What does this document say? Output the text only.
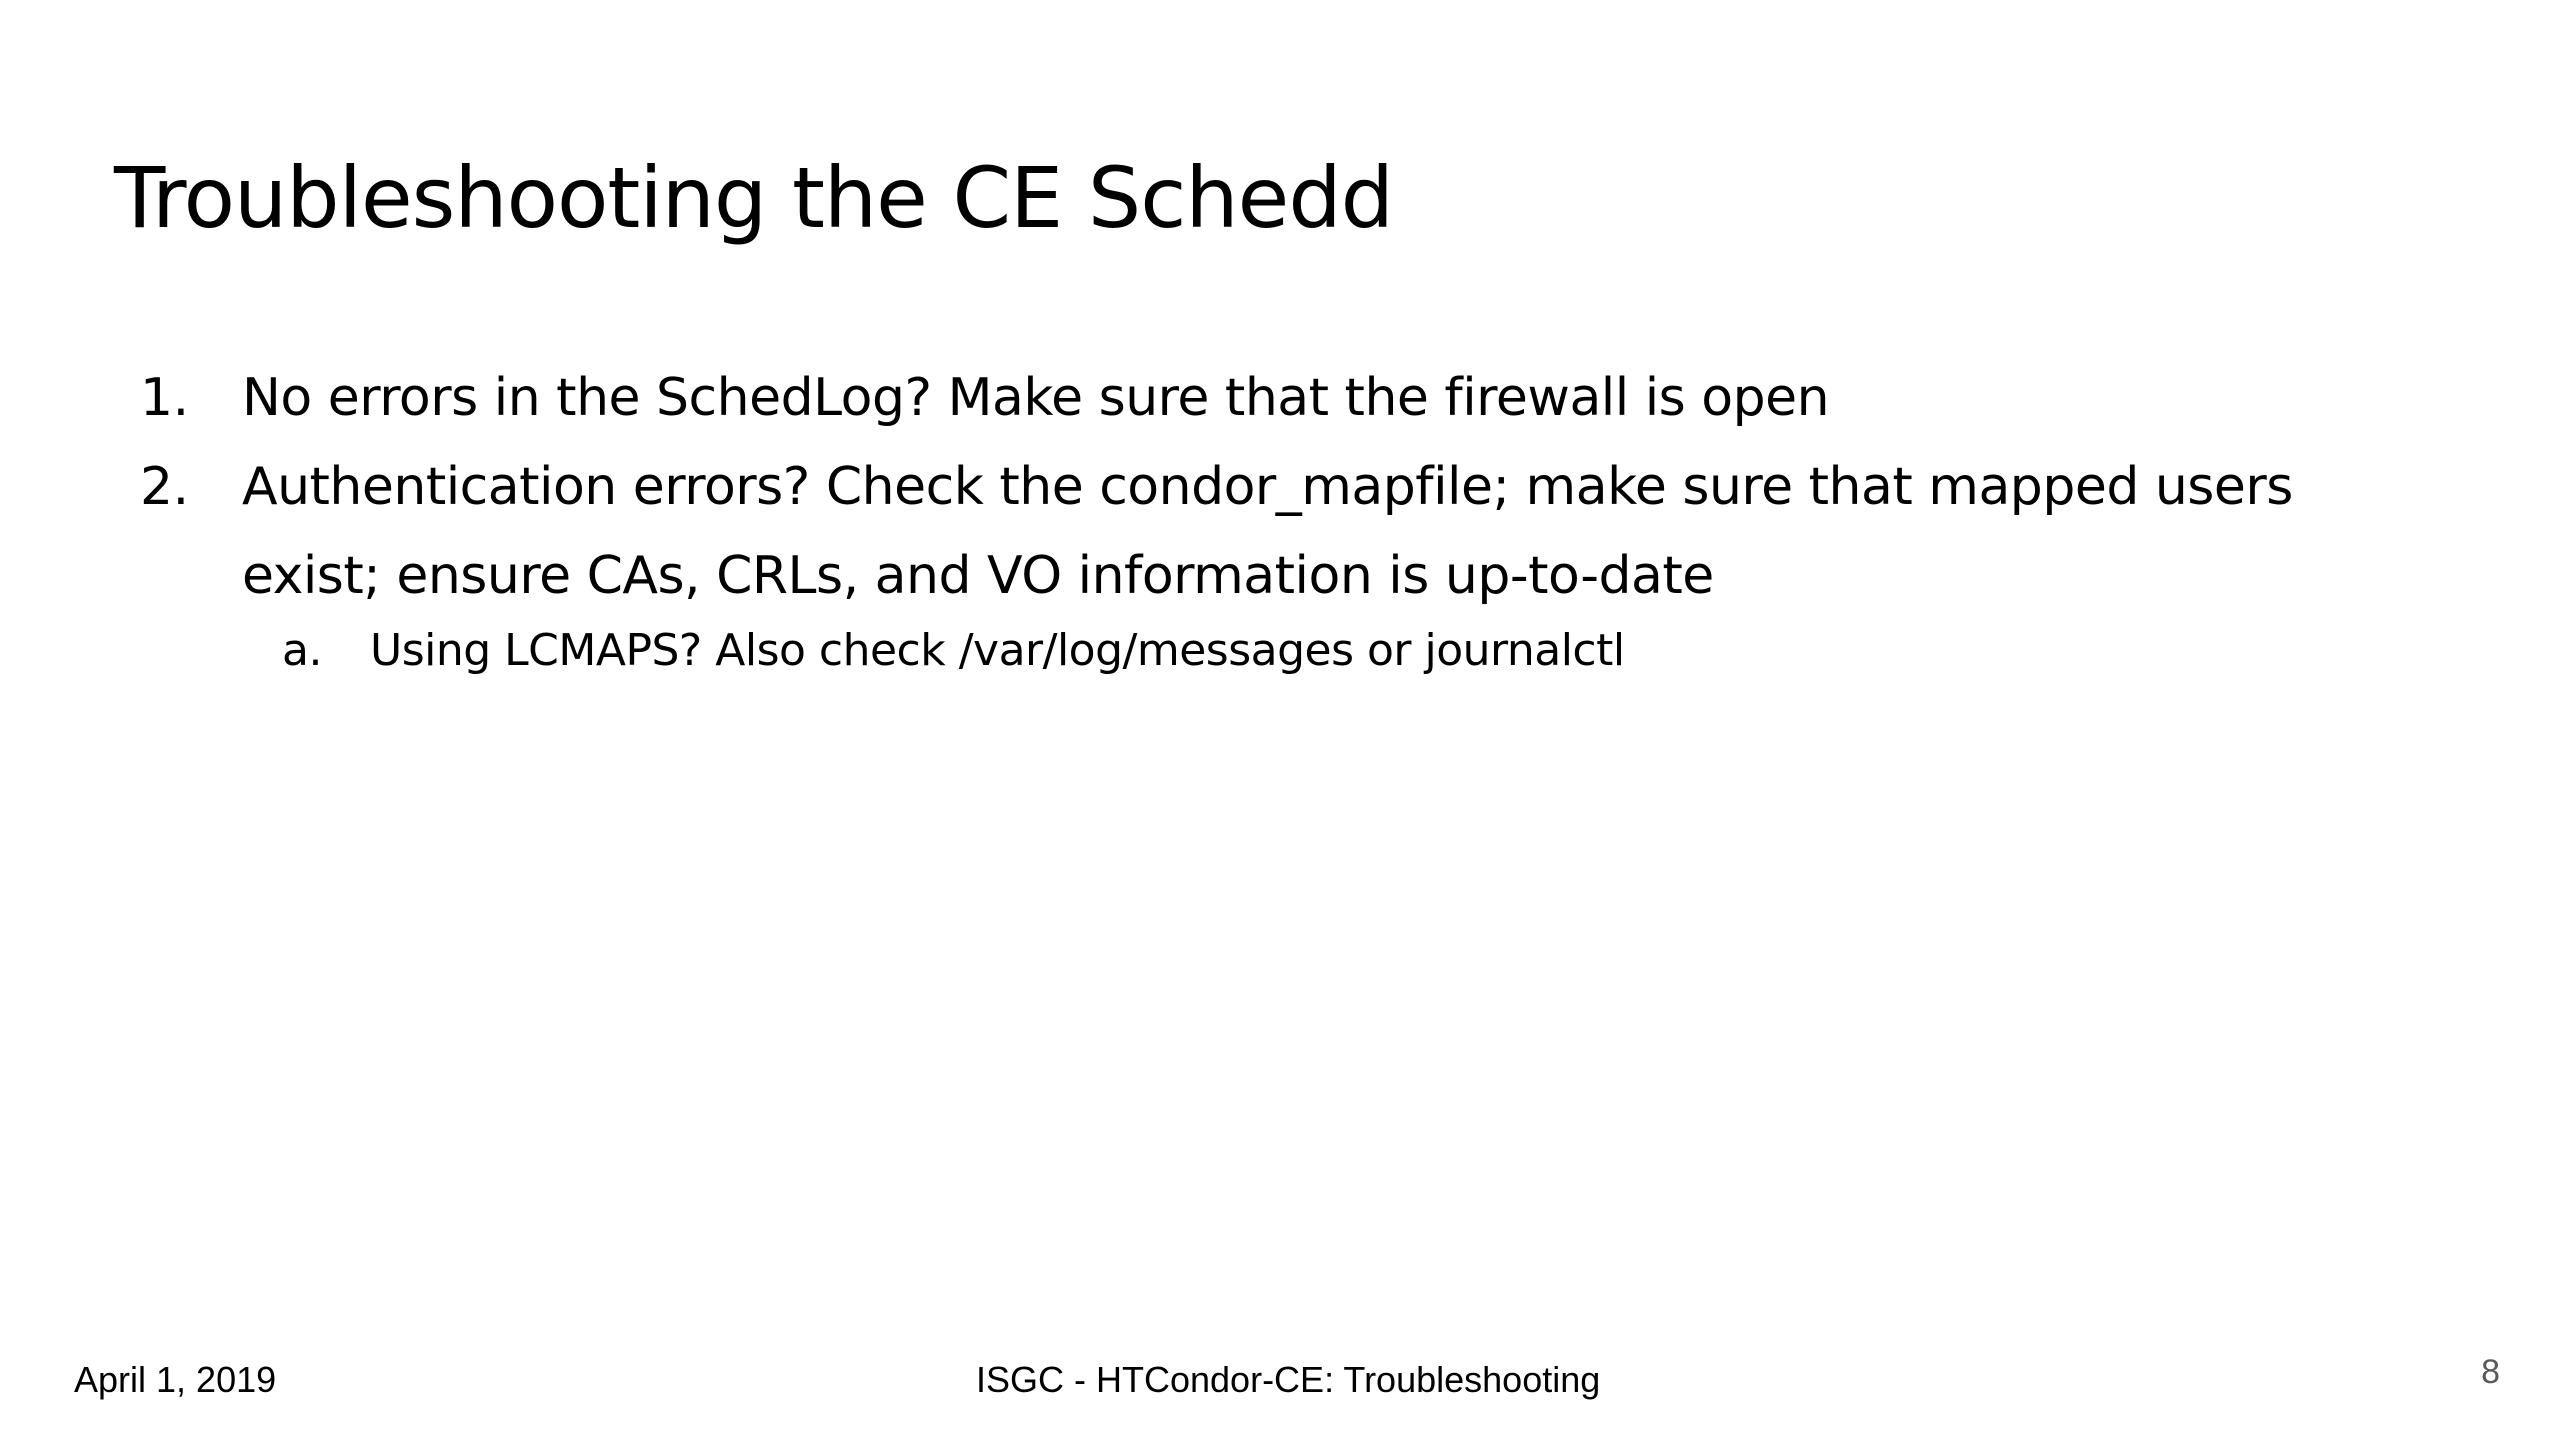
Troubleshooting the CE Schedd
1. No errors in the SchedLog? Make sure that the firewall is open
2. Authentication errors? Check the condor_mapfile; make sure that mapped users exist; ensure CAs, CRLs, and VO information is up-to-date
a. Using LCMAPS? Also check /var/log/messages or journalctl
April 1, 2019	ISGC - HTCondor-CE: Troubleshooting	8
